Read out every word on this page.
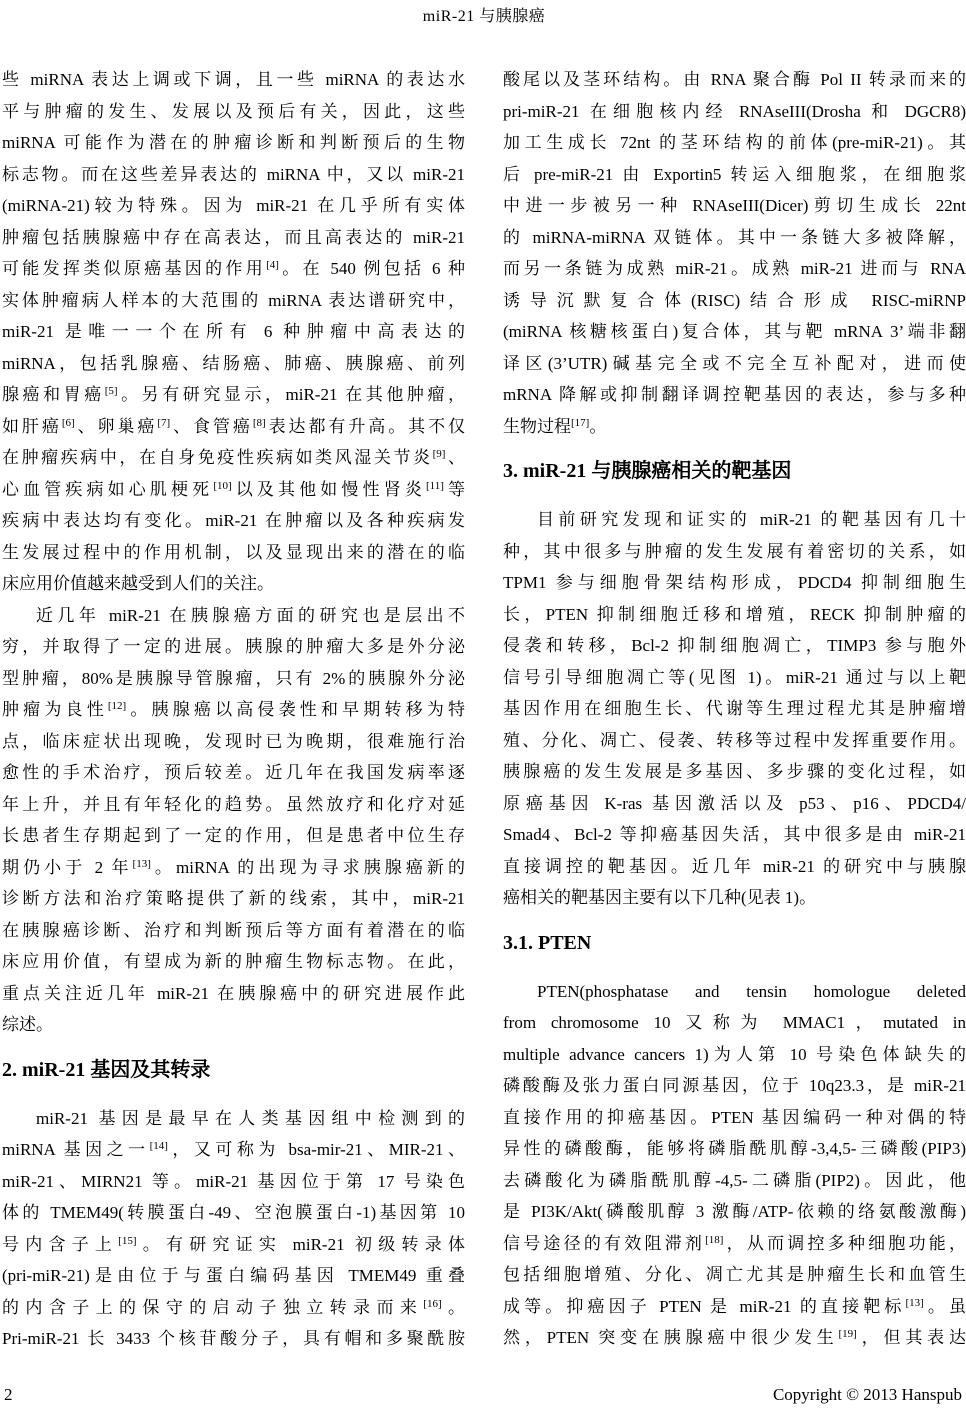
miR-21 与胰腺癌
些 miRNA 表达上调或下调，且一些 miRNA 的表达水
平与肿瘤的发生、发展以及预后有关，因此，这些
miRNA 可能作为潜在的肿瘤诊断和判断预后的生物
标志物。而在这些差异表达的 miRNA 中，又以 miR-21
(miRNA-21)较为特殊。因为 miR-21 在几乎所有实体
肿瘤包括胰腺癌中存在高表达，而且高表达的 miR-21
可能发挥类似原癌基因的作用[4]。在 540 例包括 6 种
实体肿瘤病人样本的大范围的 miRNA 表达谱研究中，
miR-21 是唯一一个在所有 6 种肿瘤中高表达的
miRNA，包括乳腺癌、结肠癌、肺癌、胰腺癌、前列
腺癌和胃癌[5]。另有研究显示，miR-21 在其他肿瘤，
如肝癌[6]、卵巢癌[7]、食管癌[8]表达都有升高。其不仅
在肿瘤疾病中，在自身免疫性疾病如类风湿关节炎[9]、
心血管疾病如心肌梗死[10]以及其他如慢性肾炎[11]等
疾病中表达均有变化。miR-21 在肿瘤以及各种疾病发
生发展过程中的作用机制，以及显现出来的潜在的临
床应用价值越来越受到人们的关注。
近几年 miR-21 在胰腺癌方面的研究也是层出不
穷，并取得了一定的进展。胰腺的肿瘤大多是外分泌
型肿瘤，80%是胰腺导管腺瘤，只有 2%的胰腺外分泌
肿瘤为良性[12]。胰腺癌以高侵袭性和早期转移为特
点，临床症状出现晚，发现时已为晚期，很难施行治
愈性的手术治疗，预后较差。近几年在我国发病率逐
年上升，并且有年轻化的趋势。虽然放疗和化疗对延
长患者生存期起到了一定的作用，但是患者中位生存
期仍小于 2 年[13]。miRNA 的出现为寻求胰腺癌新的
诊断方法和治疗策略提供了新的线索，其中，miR-21
在胰腺癌诊断、治疗和判断预后等方面有着潜在的临
床应用价值，有望成为新的肿瘤生物标志物。在此，
重点关注近几年 miR-21 在胰腺癌中的研究进展作此
综述。
2. miR-21 基因及其转录
miR-21 基因是最早在人类基因组中检测到的
miRNA 基因之一[14]，又可称为 bsa-mir-21、MIR-21、
miR-21、MIRN21 等。miR-21 基因位于第 17 号染色
体的 TMEM49(转膜蛋白-49、空泡膜蛋白-1)基因第 10
号内含子上[15]。有研究证实 miR-21 初级转录体
(pri-miR-21)是由位于与蛋白编码基因 TMEM49 重叠
的内含子上的保守的启动子独立转录而来[16]。
Pri-miR-21 长 3433 个核苷酸分子，具有帽和多聚酰胺
酸尾以及茎环结构。由 RNA 聚合酶 Pol II 转录而来的
pri-miR-21 在细胞核内经 RNAseIII(Drosha 和 DGCR8)
加工生成长 72nt 的茎环结构的前体(pre-miR-21)。其
后 pre-miR-21 由 Exportin5 转运入细胞浆，在细胞浆
中进一步被另一种 RNAseIII(Dicer)剪切生成长 22nt
的 miRNA-miRNA 双链体。其中一条链大多被降解，
而另一条链为成熟 miR-21。成熟 miR-21 进而与 RNA
诱导沉默复合体(RISC)结合形成 RISC-miRNP
(miRNA 核糖核蛋白)复合体，其与靶 mRNA 3’端非翻
译区(3’UTR)碱基完全或不完全互补配对，进而使
mRNA 降解或抑制翻译调控靶基因的表达，参与多种
生物过程[17]。
3. miR-21 与胰腺癌相关的靶基因
目前研究发现和证实的 miR-21 的靶基因有几十
种，其中很多与肿瘤的发生发展有着密切的关系，如
TPM1 参与细胞骨架结构形成，PDCD4 抑制细胞生
长，PTEN 抑制细胞迁移和增殖，RECK 抑制肿瘤的
侵袭和转移，Bcl-2 抑制细胞凋亡，TIMP3 参与胞外
信号引导细胞凋亡等(见图 1)。miR-21 通过与以上靶
基因作用在细胞生长、代谢等生理过程尤其是肿瘤增
殖、分化、凋亡、侵袭、转移等过程中发挥重要作用。
胰腺癌的发生发展是多基因、多步骤的变化过程，如
原癌基因 K-ras 基因激活以及 p53、p16、PDCD4/
Smad4、Bcl-2 等抑癌基因失活，其中很多是由 miR-21
直接调控的靶基因。近几年 miR-21 的研究中与胰腺
癌相关的靶基因主要有以下几种(见表 1)。
3.1. PTEN
PTEN(phosphatase and tensin homologue deleted
from chromosome 10 又称为 MMAC1，mutated in
multiple advance cancers 1)为人第 10 号染色体缺失的
磷酸酶及张力蛋白同源基因，位于 10q23.3，是 miR-21
直接作用的抑癌基因。PTEN 基因编码一种对偶的特
异性的磷酸酶，能够将磷脂酰肌醇-3,4,5-三磷酸(PIP3)
去磷酸化为磷脂酰肌醇-4,5-二磷脂(PIP2)。因此，他
是 PI3K/Akt(磷酸肌醇 3 激酶/ATP-依赖的络氨酸激酶)
信号途径的有效阻滞剂[18]，从而调控多种细胞功能，
包括细胞增殖、分化、凋亡尤其是肿瘤生长和血管生
成等。抑癌因子 PTEN 是 miR-21 的直接靶标[13]。虽
然，PTEN 突变在胰腺癌中很少发生[19]，但其表达
2	Copyright © 2013 Hanspub
